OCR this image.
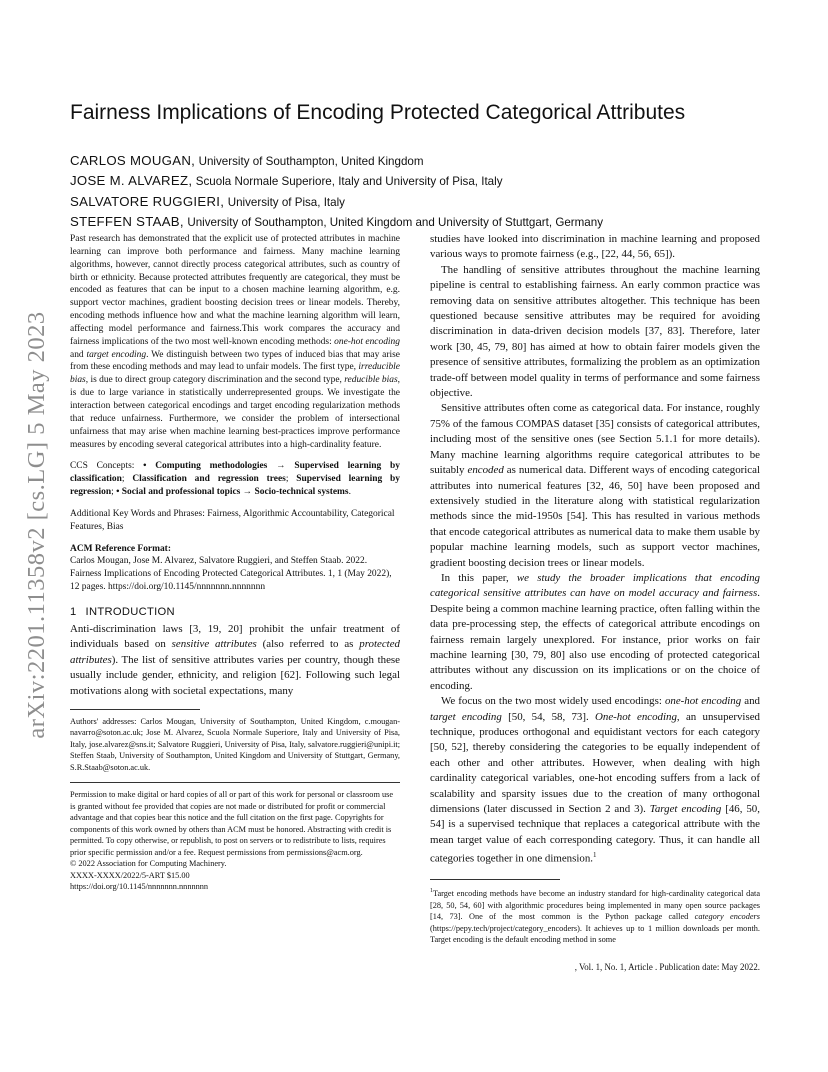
arXiv:2201.11358v2 [cs.LG] 5 May 2023
Fairness Implications of Encoding Protected Categorical Attributes
CARLOS MOUGAN, University of Southampton, United Kingdom
JOSE M. ALVAREZ, Scuola Normale Superiore, Italy and University of Pisa, Italy
SALVATORE RUGGIERI, University of Pisa, Italy
STEFFEN STAAB, University of Southampton, United Kingdom and University of Stuttgart, Germany

Past research has demonstrated that the explicit use of protected attributes in machine learning can improve both performance and fairness. Many machine learning algorithms, however, cannot directly process categorical attributes, such as country of birth or ethnicity. Because protected attributes frequently are categorical, they must be encoded as features that can be input to a chosen machine learning algorithm, e.g. support vector machines, gradient boosting decision trees or linear models. Thereby, encoding methods influence how and what the machine learning algorithm will learn, affecting model performance and fairness.This work compares the accuracy and fairness implications of the two most well-known encoding methods: one-hot encoding and target encoding. We distinguish between two types of induced bias that may arise from these encoding methods and may lead to unfair models. The first type, irreducible bias, is due to direct group category discrimination and the second type, reducible bias, is due to large variance in statistically underrepresented groups. We investigate the interaction between categorical encodings and target encoding regularization methods that reduce unfairness. Furthermore, we consider the problem of intersectional unfairness that may arise when machine learning best-practices improve performance measures by encoding several categorical attributes into a high-cardinality feature.

CCS Concepts: • Computing methodologies → Supervised learning by classification; Classification and regression trees; Supervised learning by regression; • Social and professional topics → Socio-technical systems.

Additional Key Words and Phrases: Fairness, Algorithmic Accountability, Categorical Features, Bias

ACM Reference Format:

Carlos Mougan, Jose M. Alvarez, Salvatore Ruggieri, and Steffen Staab. 2022. Fairness Implications of Encoding Protected Categorical Attributes. 1, 1 (May 2022), 12 pages. https://doi.org/10.1145/nnnnnnn.nnnnnnn

1 INTRODUCTION

Anti-discrimination laws [3, 19, 20] prohibit the unfair treatment of individuals based on sensitive attributes (also referred to as protected attributes). The list of sensitive attributes varies per country, though these usually include gender, ethnicity, and religion [62]. Following such legal motivations along with societal expectations, many

Authors' addresses: Carlos Mougan, University of Southampton, United Kingdom, c.mougan-navarro@soton.ac.uk; Jose M. Alvarez, Scuola Normale Superiore, Italy and University of Pisa, Italy, jose.alvarez@sns.it; Salvatore Ruggieri, University of Pisa, Italy, salvatore.ruggieri@unipi.it; Steffen Staab, University of Southampton, United Kingdom and University of Stuttgart, Germany, S.R.Staab@soton.ac.uk.

Permission to make digital or hard copies of all or part of this work for personal or classroom use is granted without fee provided that copies are not made or distributed for profit or commercial advantage and that copies bear this notice and the full citation on the first page. Copyrights for components of this work owned by others than ACM must be honored. Abstracting with credit is permitted. To copy otherwise, or republish, to post on servers or to redistribute to lists, requires prior specific permission and/or a fee. Request permissions from permissions@acm.org.

© 2022 Association for Computing Machinery.

XXXX-XXXX/2022/5-ART $15.00

https://doi.org/10.1145/nnnnnnn.nnnnnnn

studies have looked into discrimination in machine learning and proposed various ways to promote fairness (e.g., [22, 44, 56, 65]).

The handling of sensitive attributes throughout the machine learning pipeline is central to establishing fairness. An early common practice was removing data on sensitive attributes altogether. This technique has been questioned because sensitive attributes may be required for avoiding discrimination in data-driven decision models [37, 83]. Therefore, later work [30, 45, 79, 80] has aimed at how to obtain fairer models given the presence of sensitive attributes, formalizing the problem as an optimization trade-off between model quality in terms of performance and some fairness objective.

Sensitive attributes often come as categorical data. For instance, roughly 75% of the famous COMPAS dataset [35] consists of categorical attributes, including most of the sensitive ones (see Section 5.1.1 for more details). Many machine learning algorithms require categorical attributes to be suitably encoded as numerical data. Different ways of encoding categorical attributes into numerical features [32, 46, 50] have been proposed and extensively studied in the literature along with statistical regularization methods since the mid-1950s [54]. This has resulted in various methods that encode categorical attributes as numerical data to make them usable by popular machine learning models, such as support vector machines, gradient boosting decision trees or linear models.

In this paper, we study the broader implications that encoding categorical sensitive attributes can have on model accuracy and fairness. Despite being a common machine learning practice, often falling within the data pre-processing step, the effects of categorical attribute encodings on fairness remain largely unexplored. For instance, prior works on fair machine learning [30, 79, 80] also use encoding of protected categorical attributes without any discussion on its implications or on the choice of encoding.

We focus on the two most widely used encodings: one-hot encoding and target encoding [50, 54, 58, 73]. One-hot encoding, an unsupervised technique, produces orthogonal and equidistant vectors for each category [50, 52], thereby considering the categories to be equally independent of each other and other attributes. However, when dealing with high cardinality categorical variables, one-hot encoding suffers from a lack of scalability and sparsity issues due to the creation of many orthogonal dimensions (later discussed in Section 2 and 3). Target encoding [46, 50, 54] is a supervised technique that replaces a categorical attribute with the mean target value of each corresponding category. Thus, it can handle all categories together in one dimension.$^1$

$^1$Target encoding methods have become an industry standard for high-cardinality categorical data [28, 50, 54, 60] with algorithmic procedures being implemented in many open source packages [14, 73]. One of the most common is the Python package called category encoders (https://pepy.tech/project/category_encoders). It achieves up to 1 million downloads per month. Target encoding is the default encoding method in some

, Vol. 1, No. 1, Article . Publication date: May 2022.
